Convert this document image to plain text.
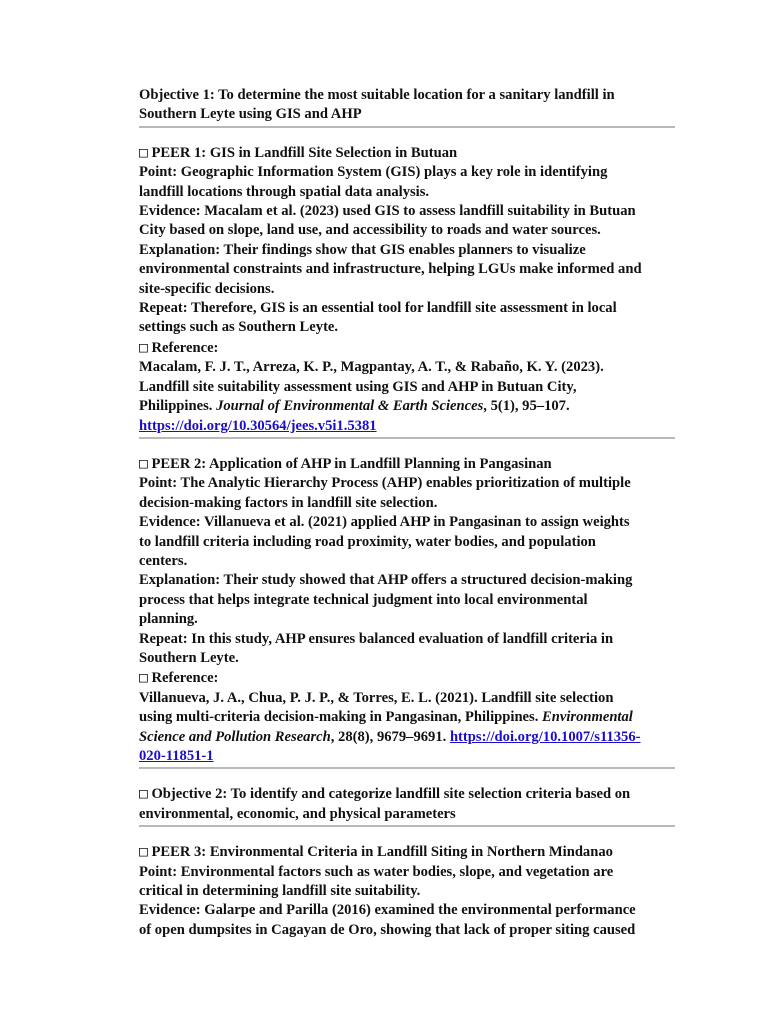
Objective 1: To determine the most suitable location for a sanitary landfill in
Southern Leyte using GIS and AHP
□ PEER 1: GIS in Landfill Site Selection in Butuan
Point: Geographic Information System (GIS) plays a key role in identifying
landfill locations through spatial data analysis.
Evidence: Macalam et al. (2023) used GIS to assess landfill suitability in Butuan
City based on slope, land use, and accessibility to roads and water sources.
Explanation: Their findings show that GIS enables planners to visualize
environmental constraints and infrastructure, helping LGUs make informed and
site-specific decisions.
Repeat: Therefore, GIS is an essential tool for landfill site assessment in local
settings such as Southern Leyte.
□ Reference:
Macalam, F. J. T., Arreza, K. P., Magpantay, A. T., & Rabaño, K. Y. (2023).
Landfill site suitability assessment using GIS and AHP in Butuan City,
Philippines. Journal of Environmental & Earth Sciences, 5(1), 95–107.
https://doi.org/10.30564/jees.v5i1.5381
□ PEER 2: Application of AHP in Landfill Planning in Pangasinan
Point: The Analytic Hierarchy Process (AHP) enables prioritization of multiple
decision-making factors in landfill site selection.
Evidence: Villanueva et al. (2021) applied AHP in Pangasinan to assign weights
to landfill criteria including road proximity, water bodies, and population
centers.
Explanation: Their study showed that AHP offers a structured decision-making
process that helps integrate technical judgment into local environmental
planning.
Repeat: In this study, AHP ensures balanced evaluation of landfill criteria in
Southern Leyte.
□ Reference:
Villanueva, J. A., Chua, P. J. P., & Torres, E. L. (2021). Landfill site selection
using multi-criteria decision-making in Pangasinan, Philippines. Environmental
Science and Pollution Research, 28(8), 9679–9691. https://doi.org/10.1007/s11356-
020-11851-1
□ Objective 2: To identify and categorize landfill site selection criteria based on
environmental, economic, and physical parameters
□ PEER 3: Environmental Criteria in Landfill Siting in Northern Mindanao
Point: Environmental factors such as water bodies, slope, and vegetation are
critical in determining landfill site suitability.
Evidence: Galarpe and Parilla (2016) examined the environmental performance
of open dumpsites in Cagayan de Oro, showing that lack of proper siting caused
